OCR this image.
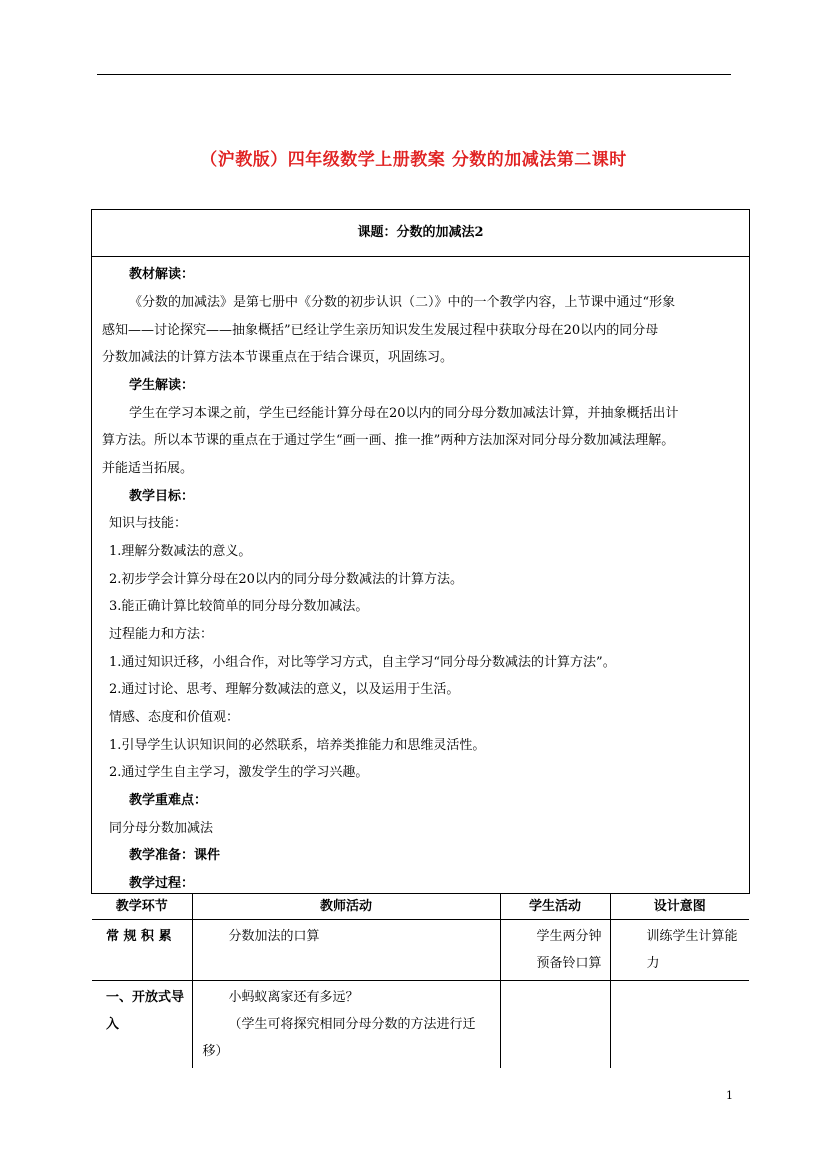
（沪教版）四年级数学上册教案 分数的加减法第二课时
课题：分数的加减法2
教材解读：
《分数的加减法》是第七册中《分数的初步认识（二）》中的一个教学内容，上节课中通过“形象
感知——讨论探究——抽象概括”已经让学生亲历知识发生发展过程中获取分母在20以内的同分母
分数加减法的计算方法本节课重点在于结合课页，巩固练习。
学生解读：
学生在学习本课之前，学生已经能计算分母在20以内的同分母分数加减法计算，并抽象概括出计
算方法。所以本节课的重点在于通过学生“画一画、推一推”两种方法加深对同分母分数加减法理解。
并能适当拓展。
教学目标：
知识与技能：
1.理解分数减法的意义。
2.初步学会计算分母在20以内的同分母分数减法的计算方法。
3.能正确计算比较简单的同分母分数加减法。
过程能力和方法：
1.通过知识迁移，小组合作，对比等学习方式，自主学习“同分母分数减法的计算方法”。
2.通过讨论、思考、理解分数减法的意义，以及运用于生活。
情感、态度和价值观：
1.引导学生认识知识间的必然联系，培养类推能力和思维灵活性。
2.通过学生自主学习，激发学生的学习兴趣。
教学重难点：
同分母分数加减法
教学准备：课件
教学过程：
教学环节	教师活动	学生活动	设计意图
常 规 积 累	分数加法的口算	学生两分钟预备铃口算	训练学生计算能力
一、开放式导入	小蚂蚁离家还有多远？
（学生可将探究相同分母分数的方法进行迁移）		

1
